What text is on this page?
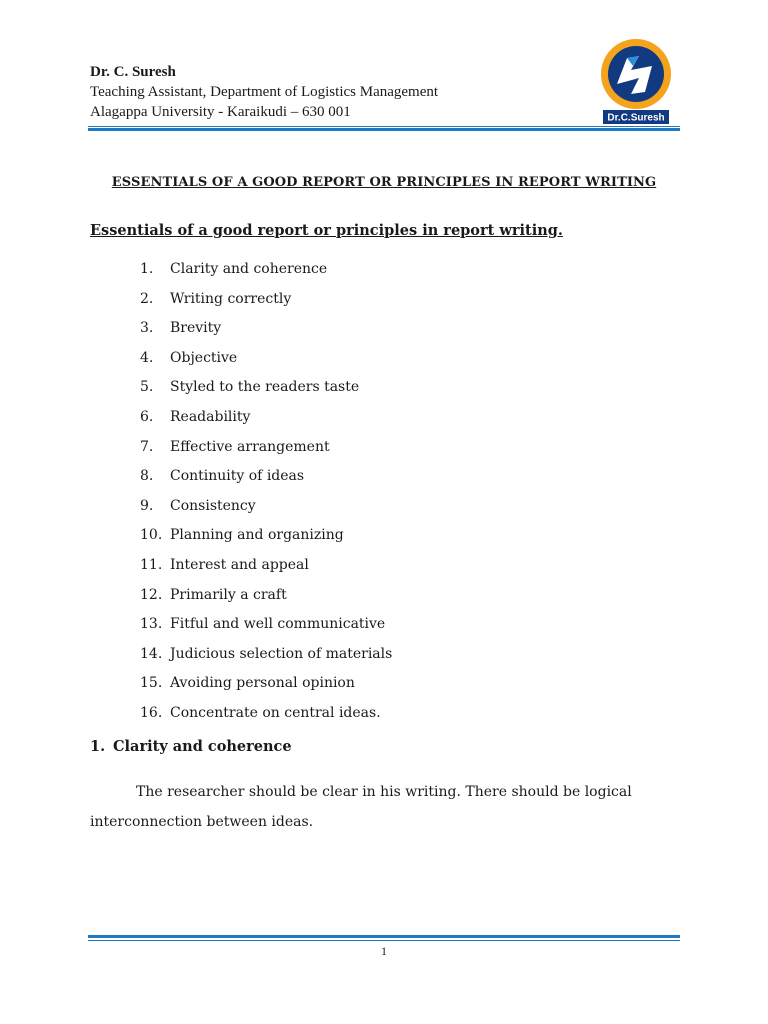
Dr. C. Suresh
Teaching Assistant, Department of Logistics Management
Alagappa University - Karaikudi – 630 001	Dr.C.Suresh
ESSENTIALS OF A GOOD REPORT OR PRINCIPLES IN REPORT WRITING
Essentials of a good report or principles in report writing.
1.	Clarity and coherence
2.	Writing correctly
3.	Brevity
4.	Objective
5.	Styled to the readers taste
6.	Readability
7.	Effective arrangement
8.	Continuity of ideas
9.	Consistency
10. Planning and organizing
11. Interest and appeal
12. Primarily a craft
13. Fitful and well communicative
14. Judicious selection of materials
15. Avoiding personal opinion
16. Concentrate on central ideas.
1. Clarity and coherence
The researcher should be clear in his writing. There should be logical interconnection between ideas.
1
